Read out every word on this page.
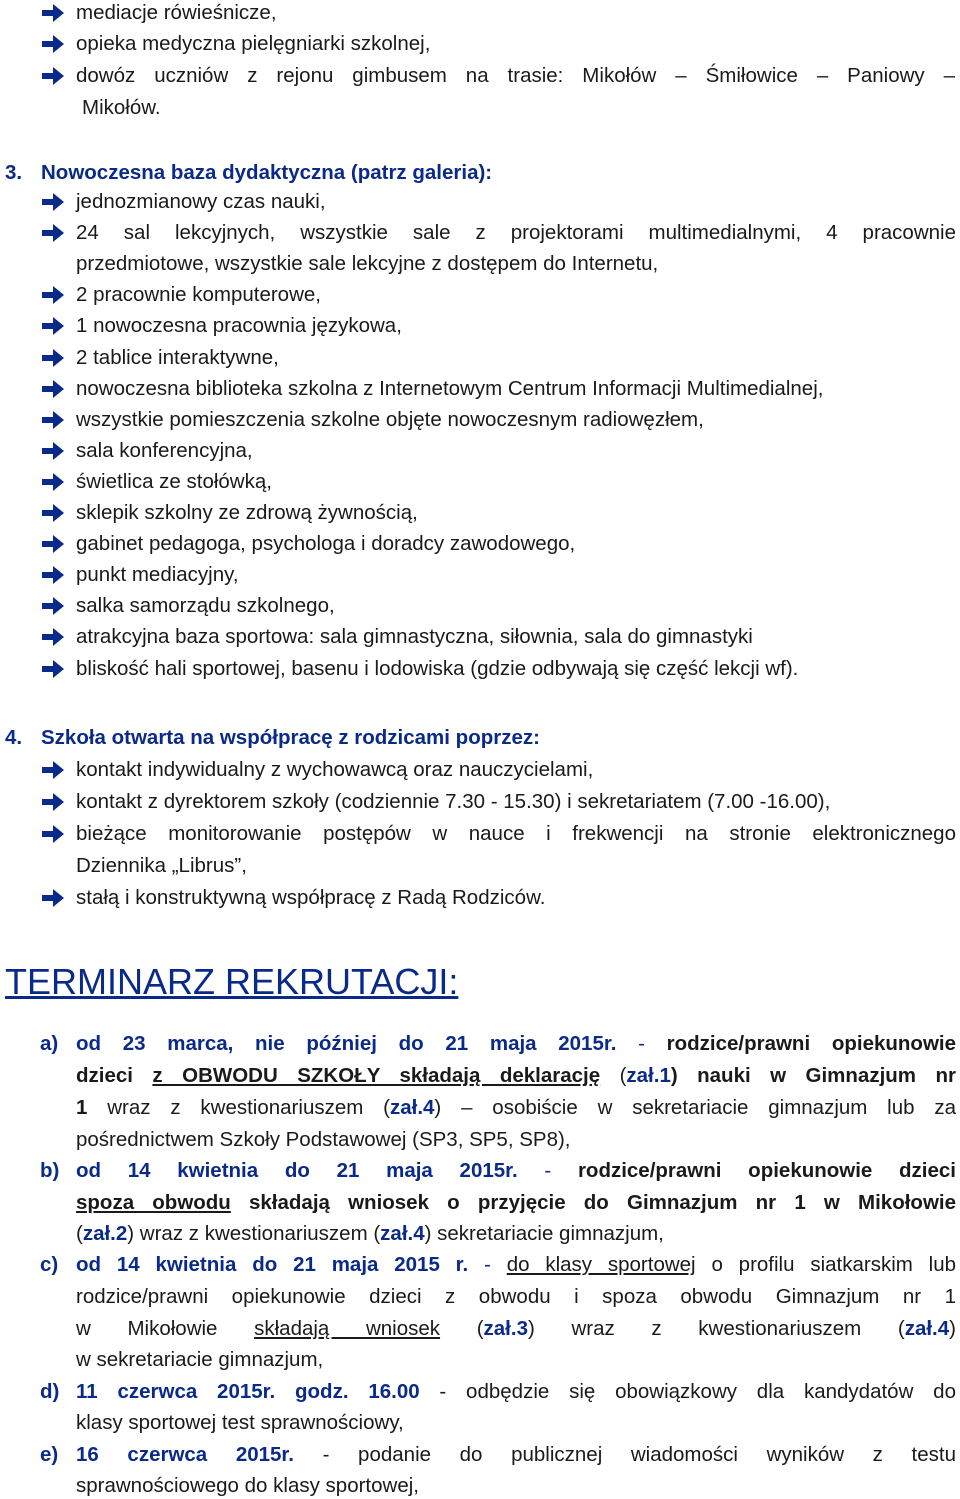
mediacje rówieśnicze,
opieka medyczna pielęgniarki szkolnej,
dowóz uczniów z rejonu gimbusem na trasie: Mikołów – Śmiłowice – Paniowy –
Mikołów.
3. Nowoczesna baza dydaktyczna (patrz galeria):
jednozmianowy czas nauki,
24 sal lekcyjnych, wszystkie sale z projektorami multimedialnymi, 4 pracownie
przedmiotowe, wszystkie sale lekcyjne z dostępem do Internetu,
2 pracownie komputerowe,
1 nowoczesna pracownia językowa,
2 tablice interaktywne,
nowoczesna biblioteka szkolna z Internetowym Centrum Informacji Multimedialnej,
wszystkie pomieszczenia szkolne objęte nowoczesnym radiowęzłem,
sala konferencyjna,
świetlica ze stołówką,
sklepik szkolny ze zdrową żywnością,
gabinet pedagoga, psychologa i doradcy zawodowego,
punkt mediacyjny,
salka samorządu szkolnego,
atrakcyjna baza sportowa: sala gimnastyczna, siłownia, sala do gimnastyki
bliskość hali sportowej, basenu i lodowiska (gdzie odbywają się część lekcji wf).
4. Szkoła otwarta na współpracę z rodzicami poprzez:
kontakt indywidualny z wychowawcą oraz nauczycielami,
kontakt z dyrektorem szkoły (codziennie 7.30 - 15.30) i sekretariatem (7.00 -16.00),
bieżące monitorowanie postępów w nauce i frekwencji na stronie elektronicznego
Dziennika „Librus”,
stałą i konstruktywną współpracę z Radą Rodziców.
TERMINARZ REKRUTACJI:
a) od 23 marca, nie później do 21 maja 2015r. - rodzice/prawni opiekunowie
dzieci z OBWODU SZKOŁY składają deklarację (zał.1) nauki w Gimnazjum nr
1 wraz z kwestionariuszem (zał.4) – osobiście w sekretariacie gimnazjum lub za
pośrednictwem Szkoły Podstawowej (SP3, SP5, SP8),
b) od 14 kwietnia do 21 maja 2015r. - rodzice/prawni opiekunowie dzieci
spoza obwodu składają wniosek o przyjęcie do Gimnazjum nr 1 w Mikołowie
(zał.2) wraz z kwestionariuszem (zał.4) sekretariacie gimnazjum,
c) od 14 kwietnia do 21 maja 2015 r. - do klasy sportowej o profilu siatkarskim lub
rodzice/prawni opiekunowie dzieci z obwodu i spoza obwodu Gimnazjum nr 1
w Mikołowie składają wniosek (zał.3) wraz z kwestionariuszem (zał.4)
w sekretariacie gimnazjum,
d) 11 czerwca 2015r. godz. 16.00 - odbędzie się obowiązkowy dla kandydatów do
klasy sportowej test sprawnościowy,
e) 16 czerwca 2015r. - podanie do publicznej wiadomości wyników z testu
sprawnościowego do klasy sportowej,
